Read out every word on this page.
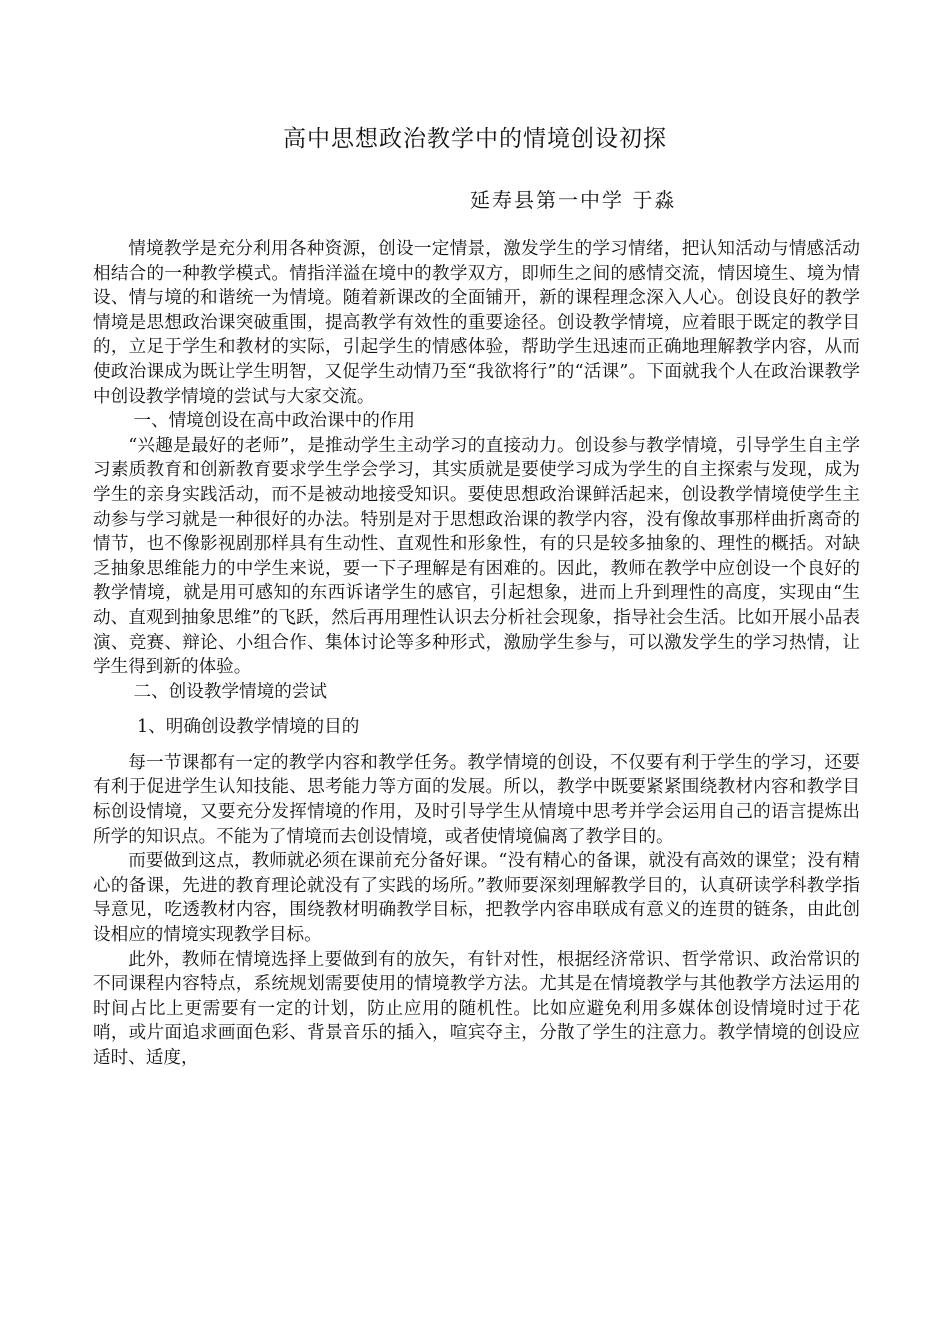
高中思想政治教学中的情境创设初探

延寿县第一中学 于淼

情境教学是充分利用各种资源，创设一定情景，激发学生的学习情绪，把认知活动与情感活动相结合的一种教学模式。情指洋溢在境中的教学双方，即师生之间的感情交流，情因境生、境为情设、情与境的和谐统一为情境。随着新课改的全面铺开，新的课程理念深入人心。创设良好的教学情境是思想政治课突破重围，提高教学有效性的重要途径。创设教学情境，应着眼于既定的教学目的，立足于学生和教材的实际，引起学生的情感体验，帮助学生迅速而正确地理解教学内容，从而使政治课成为既让学生明智，又促学生动情乃至“我欲将行”的“活课”。下面就我个人在政治课教学中创设教学情境的尝试与大家交流。

一、情境创设在高中政治课中的作用

“兴趣是最好的老师”，是推动学生主动学习的直接动力。创设参与教学情境，引导学生自主学习素质教育和创新教育要求学生学会学习，其实质就是要使学习成为学生的自主探索与发现，成为学生的亲身实践活动，而不是被动地接受知识。要使思想政治课鲜活起来，创设教学情境使学生主动参与学习就是一种很好的办法。特别是对于思想政治课的教学内容，没有像故事那样曲折离奇的情节，也不像影视剧那样具有生动性、直观性和形象性，有的只是较多抽象的、理性的概括。对缺乏抽象思维能力的中学生来说，要一下子理解是有困难的。因此，教师在教学中应创设一个良好的教学情境，就是用可感知的东西诉诸学生的感官，引起想象，进而上升到理性的高度，实现由“生动、直观到抽象思维”的飞跃，然后再用理性认识去分析社会现象，指导社会生活。比如开展小品表演、竞赛、辩论、小组合作、集体讨论等多种形式，激励学生参与，可以激发学生的学习热情，让学生得到新的体验。

二、创设教学情境的尝试

1、明确创设教学情境的目的

每一节课都有一定的教学内容和教学任务。教学情境的创设，不仅要有利于学生的学习，还要有利于促进学生认知技能、思考能力等方面的发展。所以，教学中既要紧紧围绕教材内容和教学目标创设情境，又要充分发挥情境的作用，及时引导学生从情境中思考并学会运用自己的语言提炼出所学的知识点。不能为了情境而去创设情境，或者使情境偏离了教学目的。

而要做到这点，教师就必须在课前充分备好课。“没有精心的备课，就没有高效的课堂；没有精心的备课，先进的教育理论就没有了实践的场所。”教师要深刻理解教学目的，认真研读学科教学指导意见，吃透教材内容，围绕教材明确教学目标，把教学内容串联成有意义的连贯的链条，由此创设相应的情境实现教学目标。

此外，教师在情境选择上要做到有的放矢，有针对性，根据经济常识、哲学常识、政治常识的不同课程内容特点，系统规划需要使用的情境教学方法。尤其是在情境教学与其他教学方法运用的时间占比上更需要有一定的计划，防止应用的随机性。比如应避免利用多媒体创设情境时过于花哨，或片面追求画面色彩、背景音乐的插入，喧宾夺主，分散了学生的注意力。教学情境的创设应适时、适度，
